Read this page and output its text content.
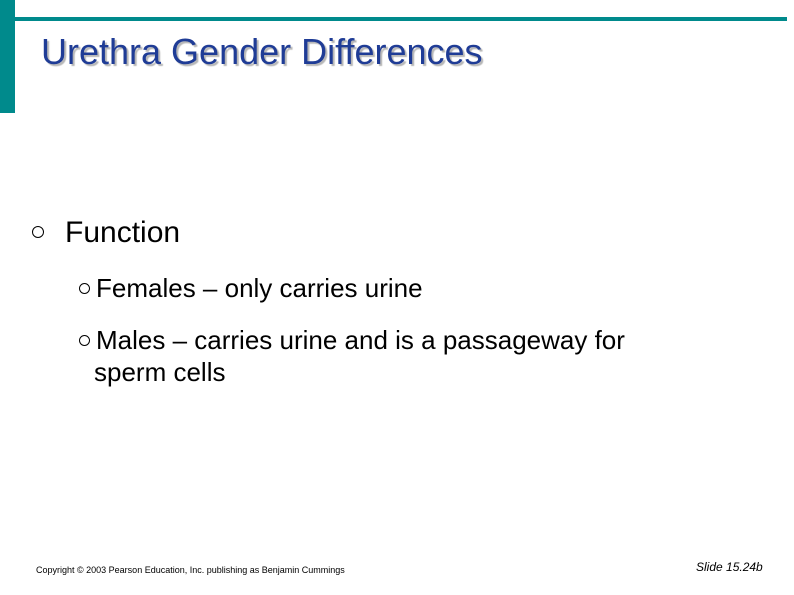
Urethra Gender Differences
Function
Females – only carries urine
Males – carries urine and is a passageway for
sperm cells
Copyright © 2003 Pearson Education, Inc. publishing as Benjamin Cummings	Slide 15.24b
